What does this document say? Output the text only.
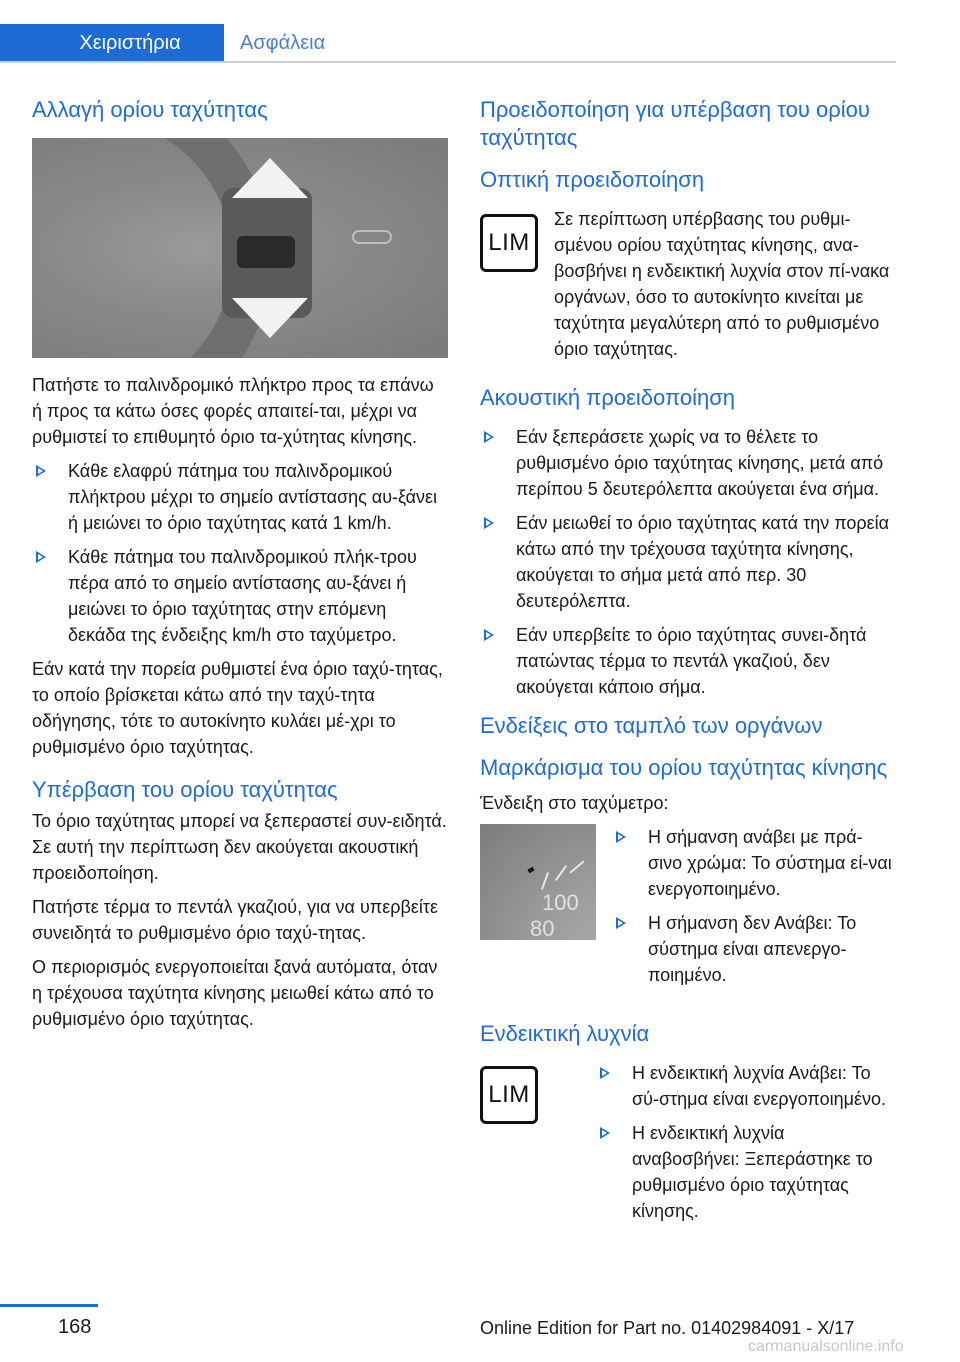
Χειριστήρια	Ασφάλεια
Αλλαγή ορίου ταχύτητας

Πατήστε το παλινδρομικό πλήκτρο προς τα επάνω ή προς τα κάτω όσες φορές απαιτεί-ται, μέχρι να ρυθμιστεί το επιθυμητό όριο τα-χύτητας κίνησης.

Κάθε ελαφρύ πάτημα του παλινδρομικού πλήκτρου μέχρι το σημείο αντίστασης αυ-ξάνει ή μειώνει το όριο ταχύτητας κατά 1 km/h.
Κάθε πάτημα του παλινδρομικού πλήκ-τρου πέρα από το σημείο αντίστασης αυ-ξάνει ή μειώνει το όριο ταχύτητας στην επόμενη δεκάδα της ένδειξης km/h στο ταχύμετρο.

Εάν κατά την πορεία ρυθμιστεί ένα όριο ταχύ-τητας, το οποίο βρίσκεται κάτω από την ταχύ-τητα οδήγησης, τότε το αυτοκίνητο κυλάει μέ-χρι το ρυθμισμένο όριο ταχύτητας.

Υπέρβαση του ορίου ταχύτητας

Το όριο ταχύτητας μπορεί να ξεπεραστεί συν-ειδητά. Σε αυτή την περίπτωση δεν ακούγεται ακουστική προειδοποίηση.

Πατήστε τέρμα το πεντάλ γκαζιού, για να υπερβείτε συνειδητά το ρυθμισμένο όριο ταχύ-τητας.

Ο περιορισμός ενεργοποιείται ξανά αυτόματα, όταν η τρέχουσα ταχύτητα κίνησης μειωθεί κάτω από το ρυθμισμένο όριο ταχύτητας.

Προειδοποίηση για υπέρβαση του ορίου ταχύτητας
Οπτική προειδοποίηση
LIM

Σε περίπτωση υπέρβασης του ρυθμι-σμένου ορίου ταχύτητας κίνησης, ανα-βοσβήνει η ενδεικτική λυχνία στον πί-νακα οργάνων, όσο το αυτοκίνητο κινείται με ταχύτητα μεγαλύτερη από το ρυθμισμένο όριο ταχύτητας.

Ακουστική προειδοποίηση
Εάν ξεπεράσετε χωρίς να το θέλετε το ρυθμισμένο όριο ταχύτητας κίνησης, μετά από περίπου 5 δευτερόλεπτα ακούγεται ένα σήμα.
Εάν μειωθεί το όριο ταχύτητας κατά την πορεία κάτω από την τρέχουσα ταχύτητα κίνησης, ακούγεται το σήμα μετά από περ. 30 δευτερόλεπτα.
Εάν υπερβείτε το όριο ταχύτητας συνει-δητά πατώντας τέρμα το πεντάλ γκαζιού, δεν ακούγεται κάποιο σήμα.
Ενδείξεις στο ταμπλό των οργάνων
Μαρκάρισμα του ορίου ταχύτητας κίνησης

Ένδειξη στο ταχύμετρο:

100
80
Η σήμανση ανάβει με πρά-σινο χρώμα: Το σύστημα εί-ναι ενεργοποιημένο.
Η σήμανση δεν Ανάβει: Το σύστημα είναι απενεργο-ποιημένο.
Ενδεικτική λυχνία
LIM
Η ενδεικτική λυχνία Ανάβει: Το σύ-στημα είναι ενεργοποιημένο.
Η ενδεικτική λυχνία αναβοσβήνει: Ξεπεράστηκε το ρυθμισμένο όριο ταχύτητας κίνησης.
168	Online Edition for Part no. 01402984091 - X/17
carmanualsonline.info
